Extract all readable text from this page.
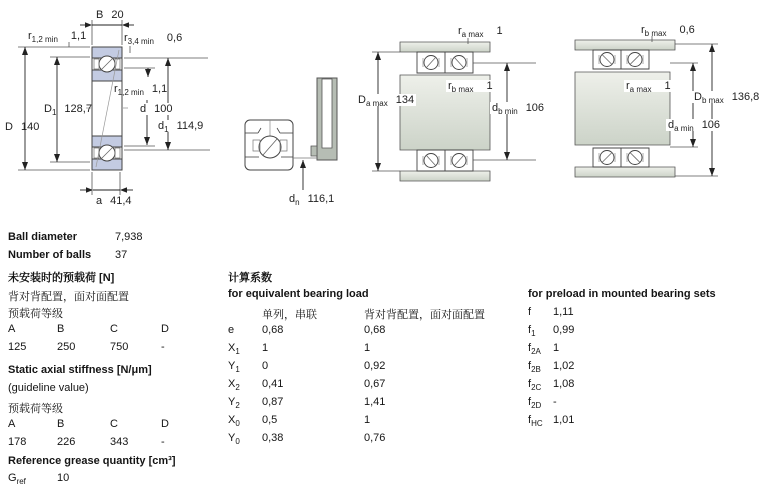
B 20
$r_{1,2 min}$ 1,1	$r_{3,4 min}$ 0,6
$r_{1,2 min}$ 1,1
$D_1$ 128,7	d 100
D 140	$d_1$ 114,9
a 41,4	$d_n$ 116,1
$r_{a max}$ 1
$D_{a max}$ 134
$r_{b max}$ 1
$d_{b min}$ 106
$r_{b max}$ 0,6
$r_{a max}$ 1
$D_{b max}$ 136,8
$d_{a min}$ 106
Ball diameter	7,938
Number of balls 37
未安装时的预载荷 [N]
背对背配置，面对面配置
预载荷等级
A	B	C	D
125	250	750	-
Static axial stiffness [N/μm]
(guideline value)
预载荷等级
A	B	C	D
178	226	343	-
Reference grease quantity [cm³]
$G_{ref}$	10
计算系数
for equivalent bearing load
单列，串联	背对背配置，面对面配置
e	0,68	0,68
$X_1$ 1	1
$Y_1$ 0	0,92
$X_2$ 0,41	0,67
$Y_2$ 0,87	1,41
$X_0$ 0,5	1
$Y_0$ 0,38	0,76
for preload in mounted bearing sets
f 1,11
$f_1$ 0,99
$f_{2A}$ 1
$f_{2B}$ 1,02
$f_{2C}$ 1,08
$f_{2D}$ -
$f_{HC}$ 1,01
